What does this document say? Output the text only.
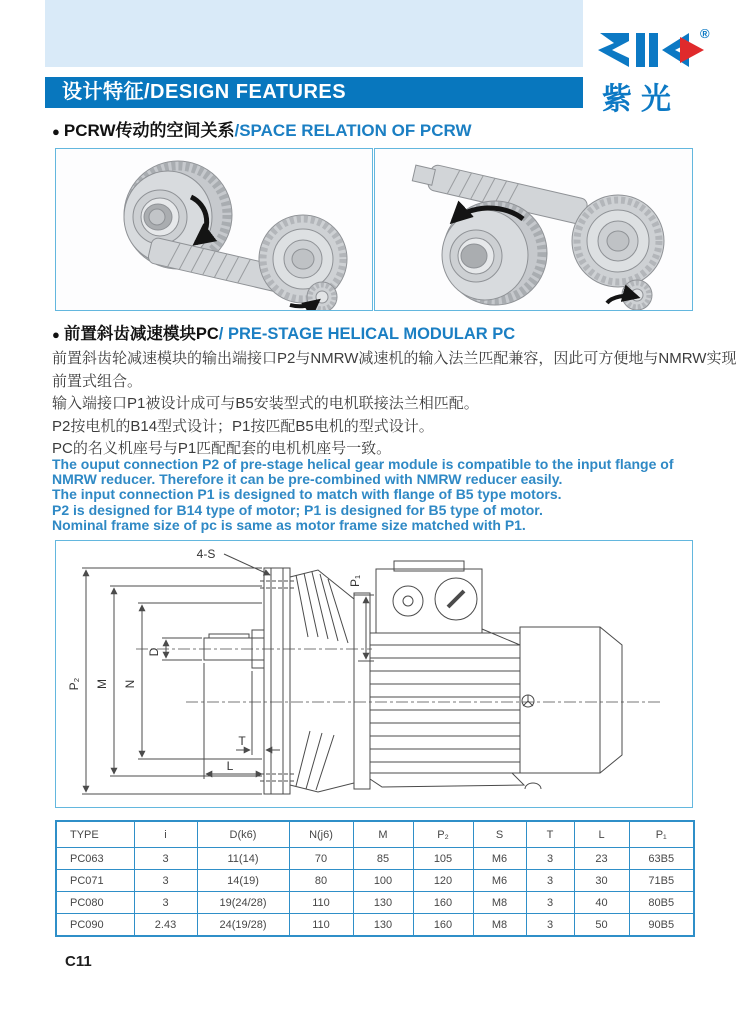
设计特征/DESIGN FEATURES
®
紫光
● PCRW传动的空间关系 /SPACE RELATION OF PCRW
● 前置斜齿减速模块PC / PRE-STAGE HELICAL MODULAR PC
前置斜齿轮减速模块的输出端接口P2与NMRW减速机的输入法兰匹配兼容，因此可方便地与NMRW实现
前置式组合。
输入端接口P1被设计成可与B5安装型式的电机联接法兰相匹配。
P2按电机的B14型式设计；P1按匹配B5电机的型式设计。
PC的名义机座号与P1匹配配套的电机机座号一致。
The ouput connection P2 of pre-stage helical gear module is compatible to the input flange of
NMRW reducer. Therefore it can be pre-combined with NMRW reducer easily.
The input connection P1 is designed to match with flange of B5 type motors.
P2 is designed for B14 type of motor; P1 is designed for B5 type of motor.
Nominal frame size of pc is same as motor frame size matched with P1.
P₂ M N
D
4-S
P₁
T
L
TYPE	i	D(k6)	N(j6)	M	P₂	S	T	L	P₁
PC063	3	11(14)	70	85	105	M6	3	23	63B5
PC071	3	14(19)	80	100	120	M6	3	30	71B5
PC080	3	19(24/28)	110	130	160	M8	3	40	80B5
PC090	2.43	24(19/28)	110	130	160	M8	3	50	90B5
C11
